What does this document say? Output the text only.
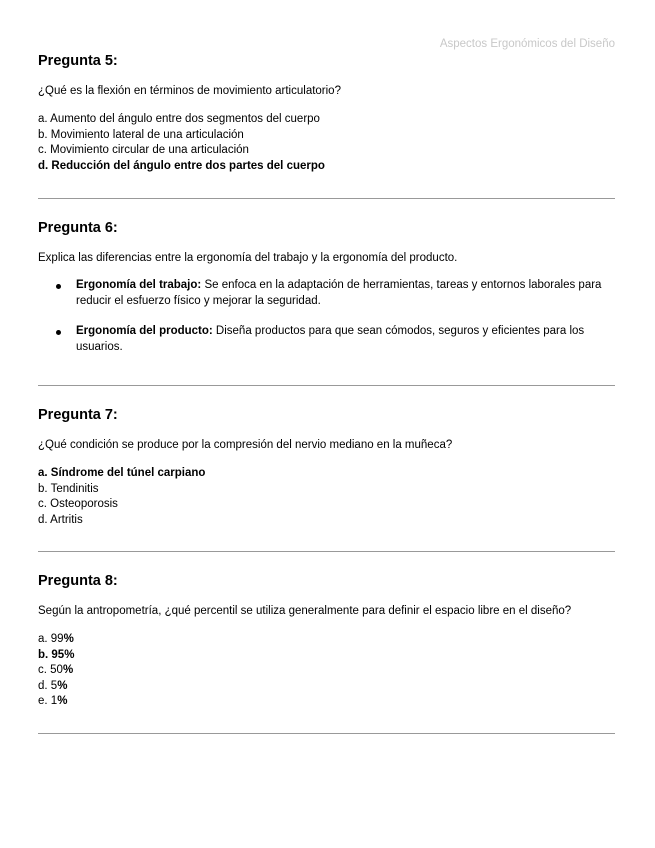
Aspectos Ergonómicos del Diseño
Pregunta 5:
¿Qué es la flexión en términos de movimiento articulatorio?
a. Aumento del ángulo entre dos segmentos del cuerpo
b. Movimiento lateral de una articulación
c. Movimiento circular de una articulación
d. Reducción del ángulo entre dos partes del cuerpo
Pregunta 6:
Explica las diferencias entre la ergonomía del trabajo y la ergonomía del producto.
Ergonomía del trabajo: Se enfoca en la adaptación de herramientas, tareas y entornos laborales para reducir el esfuerzo físico y mejorar la seguridad.
Ergonomía del producto: Diseña productos para que sean cómodos, seguros y eficientes para los usuarios.
Pregunta 7:
¿Qué condición se produce por la compresión del nervio mediano en la muñeca?
a. Síndrome del túnel carpiano
b. Tendinitis
c. Osteoporosis
d. Artritis
Pregunta 8:
Según la antropometría, ¿qué percentil se utiliza generalmente para definir el espacio libre en el diseño?
a. 99%
b. 95%
c. 50%
d. 5%
e. 1%
